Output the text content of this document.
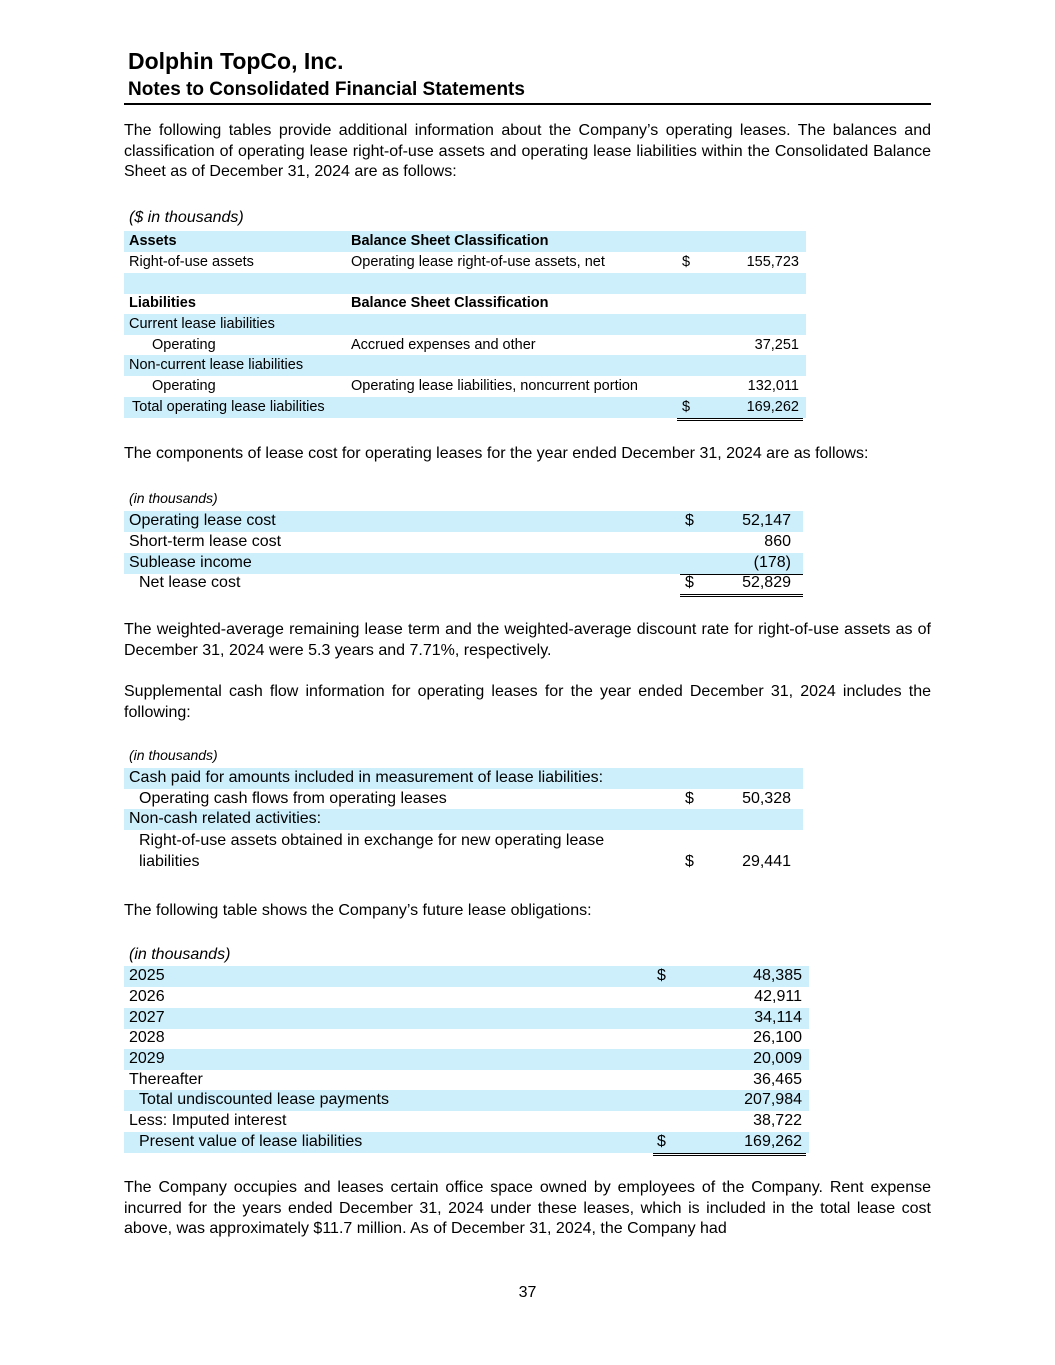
Dolphin TopCo, Inc.
Notes to Consolidated Financial Statements
The following tables provide additional information about the Company’s operating leases. The balances and classification of operating lease right-of-use assets and operating lease liabilities within the Consolidated Balance Sheet as of December 31, 2024 are as follows:
($ in thousands)
Assets	Balance Sheet Classification
Right-of-use assets	Operating lease right-of-use assets, net	$	155,723
Liabilities	Balance Sheet Classification
Current lease liabilities
Operating	Accrued expenses and other	37,251
Non-current lease liabilities
Operating	Operating lease liabilities, noncurrent portion	132,011
Total operating lease liabilities	$	169,262
The components of lease cost for operating leases for the year ended December 31, 2024 are as follows:
(in thousands)
Operating lease cost	$	52,147
Short-term lease cost	860
Sublease income	(178)
Net lease cost	$	52,829
The weighted-average remaining lease term and the weighted-average discount rate for right-of-use assets as of December 31, 2024 were 5.3 years and 7.71%, respectively.
Supplemental cash flow information for operating leases for the year ended December 31, 2024 includes the following:
(in thousands)
Cash paid for amounts included in measurement of lease liabilities:
Operating cash flows from operating leases	$	50,328
Non-cash related activities:
Right-of-use assets obtained in exchange for new operating lease
liabilities	$	29,441
The following table shows the Company’s future lease obligations:
(in thousands)
2025	$	48,385
2026	42,911
2027	34,114
2028	26,100
2029	20,009
Thereafter	36,465
Total undiscounted lease payments	207,984
Less: Imputed interest	38,722
Present value of lease liabilities	$	169,262
The Company occupies and leases certain office space owned by employees of the Company. Rent expense incurred for the years ended December 31, 2024 under these leases, which is included in the total lease cost above, was approximately $11.7 million. As of December 31, 2024, the Company had
37
